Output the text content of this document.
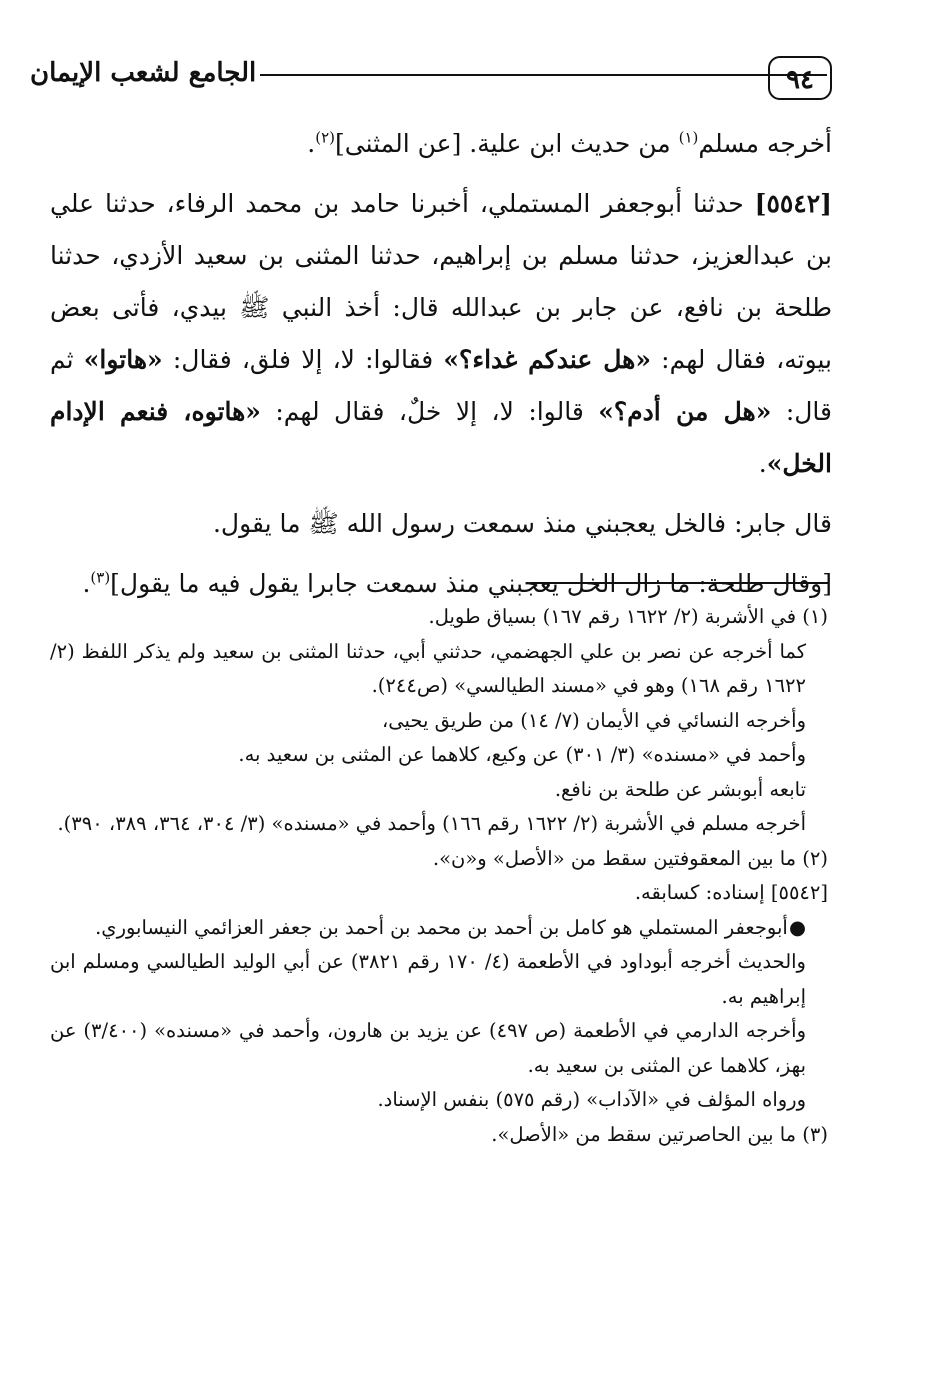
الجامع لشعب الإيمان	٩٤

أخرجه مسلم$^{(١)}$ من حديث ابن علية. [عن المثنى]$^{(٢)}$.

[٥٥٤٢] حدثنا أبوجعفر المستملي، أخبرنا حامد بن محمد الرفاء، حدثنا علي بن عبدالعزيز، حدثنا مسلم بن إبراهيم، حدثنا المثنى بن سعيد الأزدي، حدثنا طلحة بن نافع، عن جابر بن عبدالله قال: أخذ النبي ﷺ بيدي، فأتى بعض بيوته، فقال لهم: «هل عندكم غداء؟» فقالوا: لا، إلا فلق، فقال: «هاتوا» ثم قال: «هل من أدم؟» قالوا: لا، إلا خلٌ، فقال لهم: «هاتوه، فنعم الإدام الخل».

قال جابر: فالخل يعجبني منذ سمعت رسول الله ﷺ ما يقول.

[وقال طلحة: ما زال الخل يعجبني منذ سمعت جابرا يقول فيه ما يقول]$^{(٣)}$.

(١) في الأشربة (٢/ ١٦٢٢ رقم ١٦٧) بسياق طويل.

كما أخرجه عن نصر بن علي الجهضمي، حدثني أبي، حدثنا المثنى بن سعيد ولم يذكر اللفظ (٢/ ١٦٢٢ رقم ١٦٨) وهو في «مسند الطيالسي» (ص٢٤٤).

وأخرجه النسائي في الأيمان (٧/ ١٤) من طريق يحيى،

وأحمد في «مسنده» (٣/ ٣٠١) عن وكيع، كلاهما عن المثنى بن سعيد به.

تابعه أبوبشر عن طلحة بن نافع.

أخرجه مسلم في الأشربة (٢/ ١٦٢٢ رقم ١٦٦) وأحمد في «مسنده» (٣/ ٣٠٤، ٣٦٤، ٣٨٩، ٣٩٠).

(٢) ما بين المعقوفتين سقط من «الأصل» و«ن».

[٥٥٤٢] إسناده: كسابقه.

● أبوجعفر المستملي هو كامل بن أحمد بن محمد بن أحمد بن جعفر العزائمي النيسابوري.

والحديث أخرجه أبوداود في الأطعمة (٤/ ١٧٠ رقم ٣٨٢١) عن أبي الوليد الطيالسي ومسلم ابن إبراهيم به.

وأخرجه الدارمي في الأطعمة (ص ٤٩٧) عن يزيد بن هارون، وأحمد في «مسنده» (٣/٤٠٠) عن بهز، كلاهما عن المثنى بن سعيد به.

ورواه المؤلف في «الآداب» (رقم ٥٧٥) بنفس الإسناد.

(٣) ما بين الحاصرتين سقط من «الأصل».
